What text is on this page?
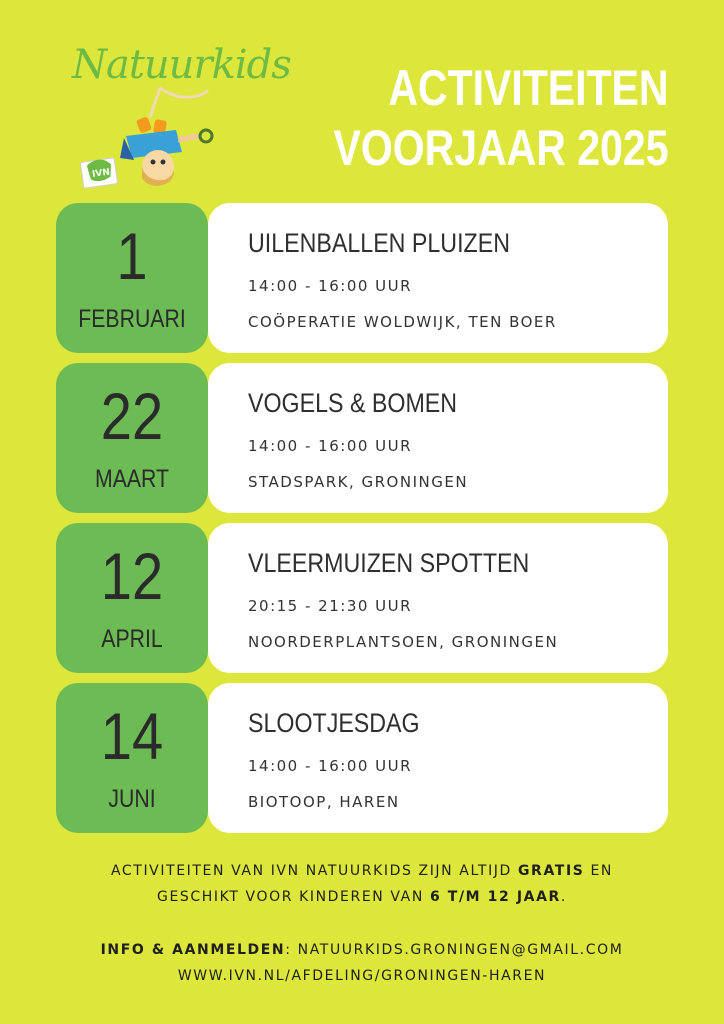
Natuurkids
IVN
ACTIVITEITEN
VOORJAAR 2025
1
FEBRUARI
UILENBALLEN PLUIZEN
14:00 - 16:00 UUR
COÖPERATIE WOLDWIJK, TEN BOER
22
MAART
VOGELS & BOMEN
14:00 - 16:00 UUR
STADSPARK, GRONINGEN
12
APRIL
VLEERMUIZEN SPOTTEN
20:15 - 21:30 UUR
NOORDERPLANTSOEN, GRONINGEN
14
JUNI
SLOOTJESDAG
14:00 - 16:00 UUR
BIOTOOP, HAREN
ACTIVITEITEN VAN IVN NATUURKIDS ZIJN ALTIJD GRATIS EN
GESCHIKT VOOR KINDEREN VAN 6 T/M 12 JAAR.
INFO & AANMELDEN: NATUURKIDS.GRONINGEN@GMAIL.COM
WWW.IVN.NL/AFDELING/GRONINGEN-HAREN
